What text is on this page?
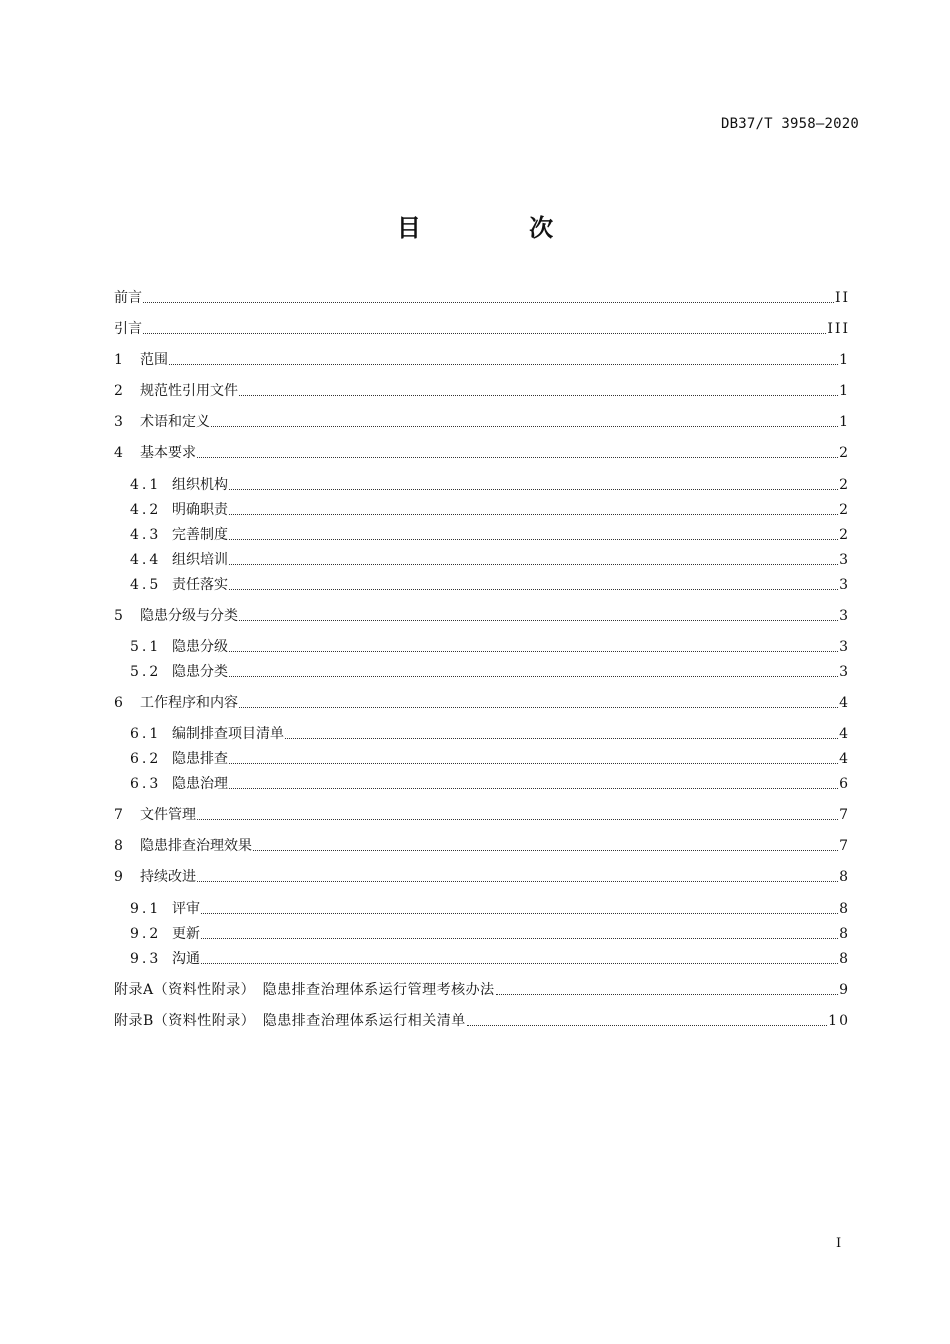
DB37/T 3958—2020
目 次
前言	II
引言	III
1	范围	1
2	规范性引用文件	1
3	术语和定义	1
4	基本要求	2
4.1 组织机构	2
4.2 明确职责	2
4.3 完善制度	2
4.4 组织培训	3
4.5 责任落实	3
5	隐患分级与分类	3
5.1 隐患分级	3
5.2 隐患分类	3
6	工作程序和内容	4
6.1 编制排查项目清单	4
6.2 隐患排查	4
6.3 隐患治理	6
7	文件管理	7
8	隐患排查治理效果	7
9	持续改进	8
9.1 评审	8
9.2 更新	8
9.3 沟通	8
附录A（资料性附录）　隐患排查治理体系运行管理考核办法	9
附录B（资料性附录）　隐患排查治理体系运行相关清单	10
I
